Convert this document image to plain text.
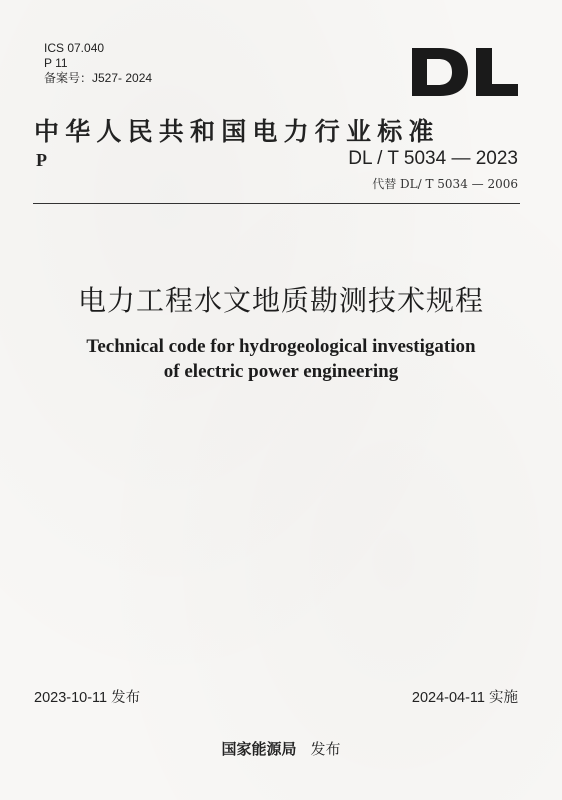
ICS 07.040
P 11
备案号：J527- 2024
中华人民共和国电力行业标准
P	DL / T 5034 — 2023
代替 DL/ T 5034 — 2006
电力工程水文地质勘测技术规程
Technical code for hydrogeological investigation
of electric power engineering
2023-10-11 发布	2024-04-11 实施
国家能源局 发布
